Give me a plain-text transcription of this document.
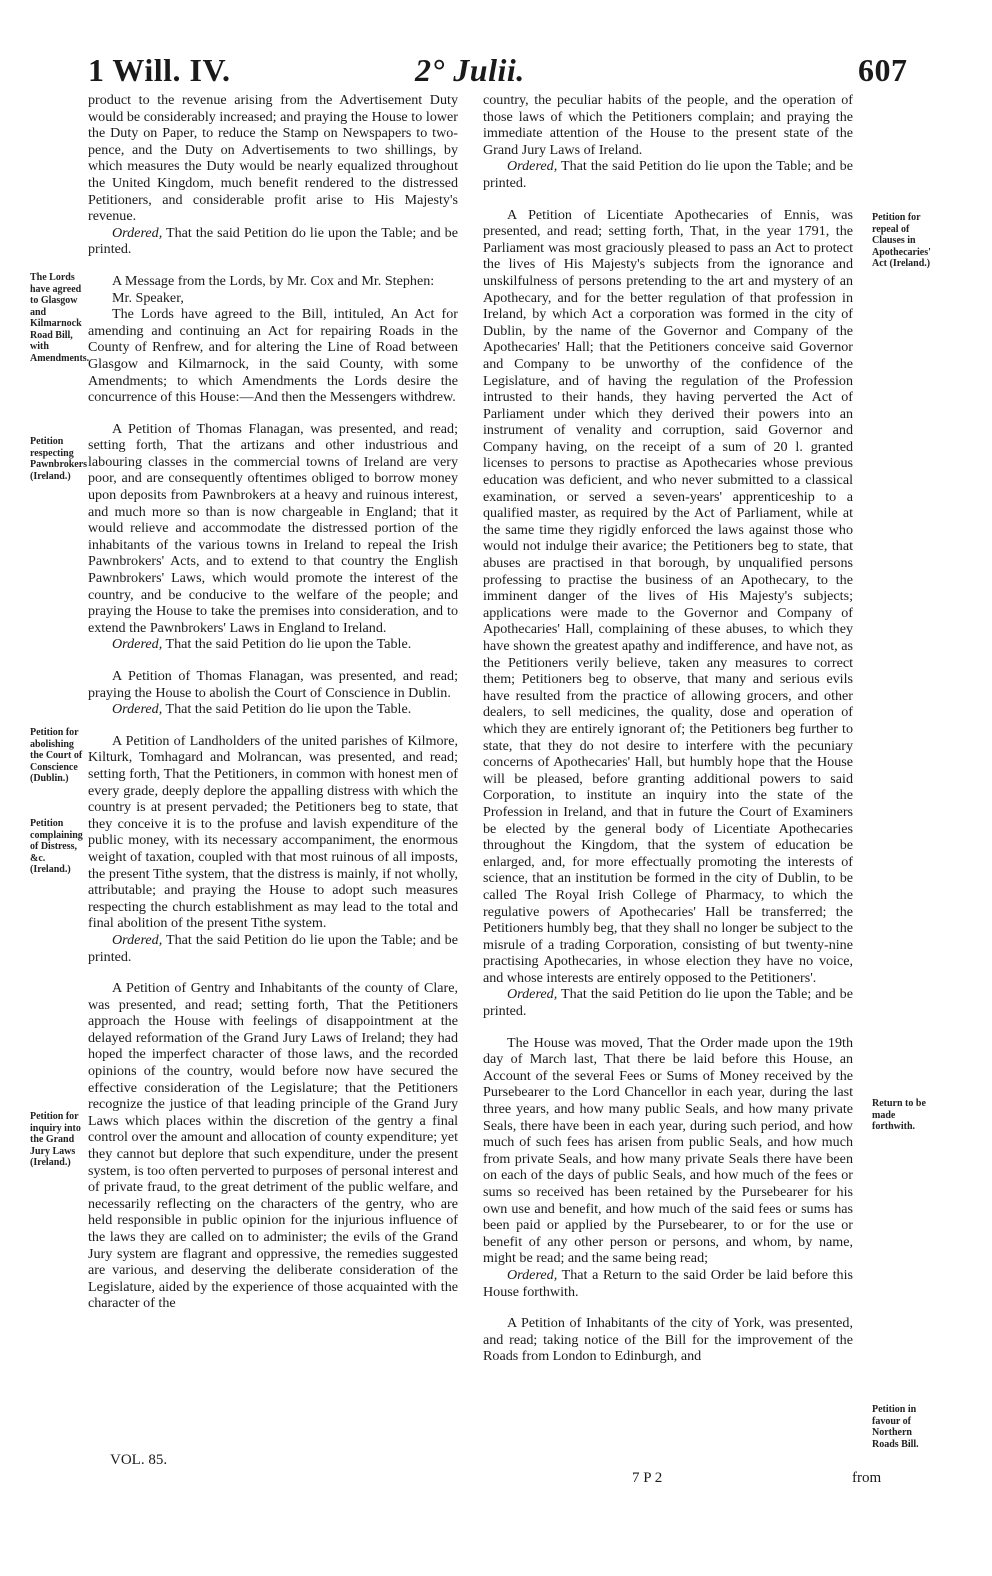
1 Will. IV.	2° Julii.	607

product to the revenue arising from the Advertisement Duty would be considerably increased; and praying the House to lower the Duty on Paper, to reduce the Stamp on Newspapers to two-pence, and the Duty on Advertisements to two shillings, by which measures the Duty would be nearly equalized throughout the United Kingdom, much benefit rendered to the distressed Petitioners, and considerable profit arise to His Majesty's revenue.

Ordered, That the said Petition do lie upon the Table; and be printed.

A Message from the Lords, by Mr. Cox and Mr. Stephen:

Mr. Speaker,

The Lords have agreed to the Bill, intituled, An Act for amending and continuing an Act for repairing Roads in the County of Renfrew, and for altering the Line of Road between Glasgow and Kilmarnock, in the said County, with some Amendments; to which Amendments the Lords desire the concurrence of this House:—And then the Messengers withdrew.

A Petition of Thomas Flanagan, was presented, and read; setting forth, That the artizans and other industrious and labouring classes in the commercial towns of Ireland are very poor, and are consequently oftentimes obliged to borrow money upon deposits from Pawnbrokers at a heavy and ruinous interest, and much more so than is now chargeable in England; that it would relieve and accommodate the distressed portion of the inhabitants of the various towns in Ireland to repeal the Irish Pawnbrokers' Acts, and to extend to that country the English Pawnbrokers' Laws, which would promote the interest of the country, and be conducive to the welfare of the people; and praying the House to take the premises into consideration, and to extend the Pawnbrokers' Laws in England to Ireland.

Ordered, That the said Petition do lie upon the Table.

A Petition of Thomas Flanagan, was presented, and read; praying the House to abolish the Court of Conscience in Dublin.

Ordered, That the said Petition do lie upon the Table.

A Petition of Landholders of the united parishes of Kilmore, Kilturk, Tomhagard and Molrancan, was presented, and read; setting forth, That the Petitioners, in common with honest men of every grade, deeply deplore the appalling distress with which the country is at present pervaded; the Petitioners beg to state, that they conceive it is to the profuse and lavish expenditure of the public money, with its necessary accompaniment, the enormous weight of taxation, coupled with that most ruinous of all imposts, the present Tithe system, that the distress is mainly, if not wholly, attributable; and praying the House to adopt such measures respecting the church establishment as may lead to the total and final abolition of the present Tithe system.

Ordered, That the said Petition do lie upon the Table; and be printed.

A Petition of Gentry and Inhabitants of the county of Clare, was presented, and read; setting forth, That the Petitioners approach the House with feelings of disappointment at the delayed reformation of the Grand Jury Laws of Ireland; they had hoped the imperfect character of those laws, and the recorded opinions of the country, would before now have secured the effective consideration of the Legislature; that the Petitioners recognize the justice of that leading principle of the Grand Jury Laws which places within the discretion of the gentry a final control over the amount and allocation of county expenditure; yet they cannot but deplore that such expenditure, under the present system, is too often perverted to purposes of personal interest and of private fraud, to the great detriment of the public welfare, and necessarily reflecting on the characters of the gentry, who are held responsible in public opinion for the injurious influence of the laws they are called on to administer; the evils of the Grand Jury system are flagrant and oppressive, the remedies suggested are various, and deserving the deliberate consideration of the Legislature, aided by the experience of those acquainted with the character of the

country, the peculiar habits of the people, and the operation of those laws of which the Petitioners complain; and praying the immediate attention of the House to the present state of the Grand Jury Laws of Ireland.

Ordered, That the said Petition do lie upon the Table; and be printed.

A Petition of Licentiate Apothecaries of Ennis, was presented, and read; setting forth, That, in the year 1791, the Parliament was most graciously pleased to pass an Act to protect the lives of His Majesty's subjects from the ignorance and unskilfulness of persons pretending to the art and mystery of an Apothecary, and for the better regulation of that profession in Ireland, by which Act a corporation was formed in the city of Dublin, by the name of the Governor and Company of the Apothecaries' Hall; that the Petitioners conceive said Governor and Company to be unworthy of the confidence of the Legislature, and of having the regulation of the Profession intrusted to their hands, they having perverted the Act of Parliament under which they derived their powers into an instrument of venality and corruption, said Governor and Company having, on the receipt of a sum of 20 l. granted licenses to persons to practise as Apothecaries whose previous education was deficient, and who never submitted to a classical examination, or served a seven-years' apprenticeship to a qualified master, as required by the Act of Parliament, while at the same time they rigidly enforced the laws against those who would not indulge their avarice; the Petitioners beg to state, that abuses are practised in that borough, by unqualified persons professing to practise the business of an Apothecary, to the imminent danger of the lives of His Majesty's subjects; applications were made to the Governor and Company of Apothecaries' Hall, complaining of these abuses, to which they have shown the greatest apathy and indifference, and have not, as the Petitioners verily believe, taken any measures to correct them; Petitioners beg to observe, that many and serious evils have resulted from the practice of allowing grocers, and other dealers, to sell medicines, the quality, dose and operation of which they are entirely ignorant of; the Petitioners beg further to state, that they do not desire to interfere with the pecuniary concerns of Apothecaries' Hall, but humbly hope that the House will be pleased, before granting additional powers to said Corporation, to institute an inquiry into the state of the Profession in Ireland, and that in future the Court of Examiners be elected by the general body of Licentiate Apothecaries throughout the Kingdom, that the system of education be enlarged, and, for more effectually promoting the interests of science, that an institution be formed in the city of Dublin, to be called The Royal Irish College of Pharmacy, to which the regulative powers of Apothecaries' Hall be transferred; the Petitioners humbly beg, that they shall no longer be subject to the misrule of a trading Corporation, consisting of but twenty-nine practising Apothecaries, in whose election they have no voice, and whose interests are entirely opposed to the Petitioners'.

Ordered, That the said Petition do lie upon the Table; and be printed.

The House was moved, That the Order made upon the 19th day of March last, That there be laid before this House, an Account of the several Fees or Sums of Money received by the Pursebearer to the Lord Chancellor in each year, during the last three years, and how many public Seals, and how many private Seals, there have been in each year, during such period, and how much of such fees has arisen from public Seals, and how much from private Seals, and how many private Seals there have been on each of the days of public Seals, and how much of the fees or sums so received has been retained by the Pursebearer for his own use and benefit, and how much of the said fees or sums has been paid or applied by the Pursebearer, to or for the use or benefit of any other person or persons, and whom, by name, might be read; and the same being read;

Ordered, That a Return to the said Order be laid before this House forthwith.

A Petition of Inhabitants of the city of York, was presented, and read; taking notice of the Bill for the improvement of the Roads from London to Edinburgh, and

The Lords have agreed to Glasgow and Kilmarnock Road Bill, with Amendments.
Petition respecting Pawnbrokers (Ireland.)
Petition for abolishing the Court of Conscience (Dublin.)
Petition complaining of Distress, &c. (Ireland.)
Petition for inquiry into the Grand Jury Laws (Ireland.)
Petition for repeal of Clauses in Apothecaries' Act (Ireland.)
Return to be made forthwith.
Petition in favour of Northern Roads Bill.
VOL. 85.
7 P 2	from
